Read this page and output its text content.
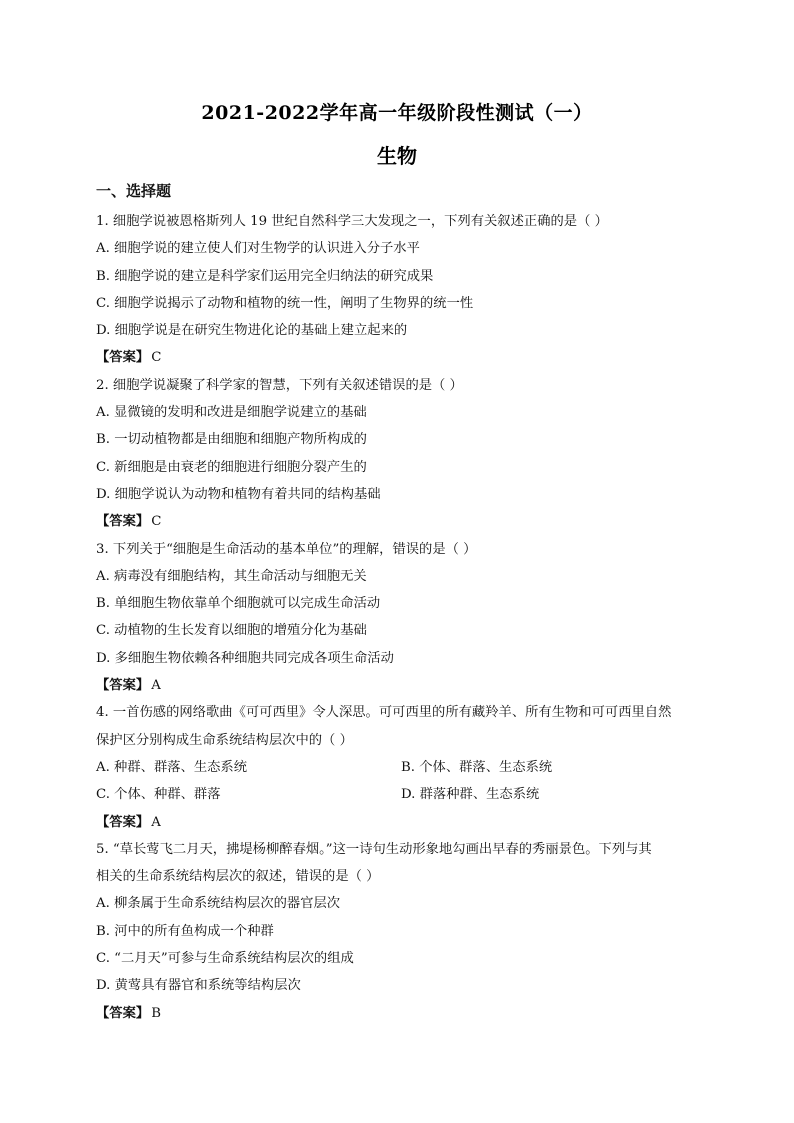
2021-2022学年高一年级阶段性测试（一）
生物
一、选择题
1. 细胞学说被恩格斯列人 19 世纪自然科学三大发现之一，下列有关叙述正确的是（ ）
A. 细胞学说的建立使人们对生物学的认识进入分子水平
B. 细胞学说的建立是科学家们运用完全归纳法的研究成果
C. 细胞学说揭示了动物和植物的统一性，阐明了生物界的统一性
D. 细胞学说是在研究生物进化论的基础上建立起来的
【答案】 C
2. 细胞学说凝聚了科学家的智慧，下列有关叙述错误的是（ ）
A. 显微镜的发明和改进是细胞学说建立的基础
B. 一切动植物都是由细胞和细胞产物所构成的
C. 新细胞是由衰老的细胞进行细胞分裂产生的
D. 细胞学说认为动物和植物有着共同的结构基础
【答案】 C
3. 下列关于“细胞是生命活动的基本单位”的理解，错误的是（ ）
A. 病毒没有细胞结构，其生命活动与细胞无关
B. 单细胞生物依靠单个细胞就可以完成生命活动
C. 动植物的生长发育以细胞的增殖分化为基础
D. 多细胞生物依赖各种细胞共同完成各项生命活动
【答案】 A
4. 一首伤感的网络歌曲《可可西里》令人深思。可可西里的所有藏羚羊、所有生物和可可西里自然
保护区分别构成生命系统结构层次中的（ ）
A. 种群、群落、生态系统	B. 个体、群落、生态系统
C. 个体、种群、群落	D. 群落种群、生态系统
【答案】 A
5. “草长莺飞二月天，拂堤杨柳醉春烟。”这一诗句生动形象地勾画出早春的秀丽景色。下列与其
相关的生命系统结构层次的叙述，错误的是（ ）
A. 柳条属于生命系统结构层次的器官层次
B. 河中的所有鱼构成一个种群
C. “二月天”可参与生命系统结构层次的组成
D. 黄莺具有器官和系统等结构层次
【答案】 B
